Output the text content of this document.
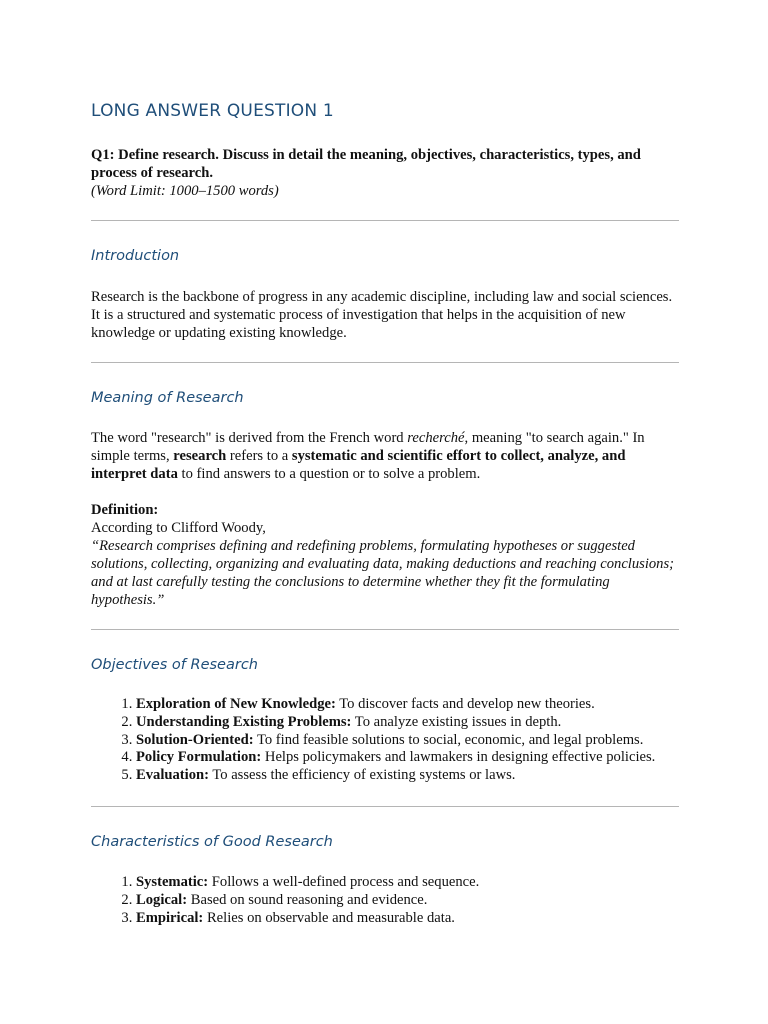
LONG ANSWER QUESTION 1

Q1: Define research. Discuss in detail the meaning, objectives, characteristics, types, and process of research.
(Word Limit: 1000–1500 words)

Introduction

Research is the backbone of progress in any academic discipline, including law and social sciences. It is a structured and systematic process of investigation that helps in the acquisition of new knowledge or updating existing knowledge.

Meaning of Research

The word "research" is derived from the French word recherché, meaning "to search again." In simple terms, research refers to a systematic and scientific effort to collect, analyze, and interpret data to find answers to a question or to solve a problem.

Definition:
According to Clifford Woody,
“Research comprises defining and redefining problems, formulating hypotheses or suggested solutions, collecting, organizing and evaluating data, making deductions and reaching conclusions; and at last carefully testing the conclusions to determine whether they fit the formulating hypothesis.”

Objectives of Research
1. Exploration of New Knowledge: To discover facts and develop new theories.
2. Understanding Existing Problems: To analyze existing issues in depth.
3. Solution-Oriented: To find feasible solutions to social, economic, and legal problems.
4. Policy Formulation: Helps policymakers and lawmakers in designing effective policies.
5. Evaluation: To assess the efficiency of existing systems or laws.
Characteristics of Good Research
1. Systematic: Follows a well-defined process and sequence.
2. Logical: Based on sound reasoning and evidence.
3. Empirical: Relies on observable and measurable data.
